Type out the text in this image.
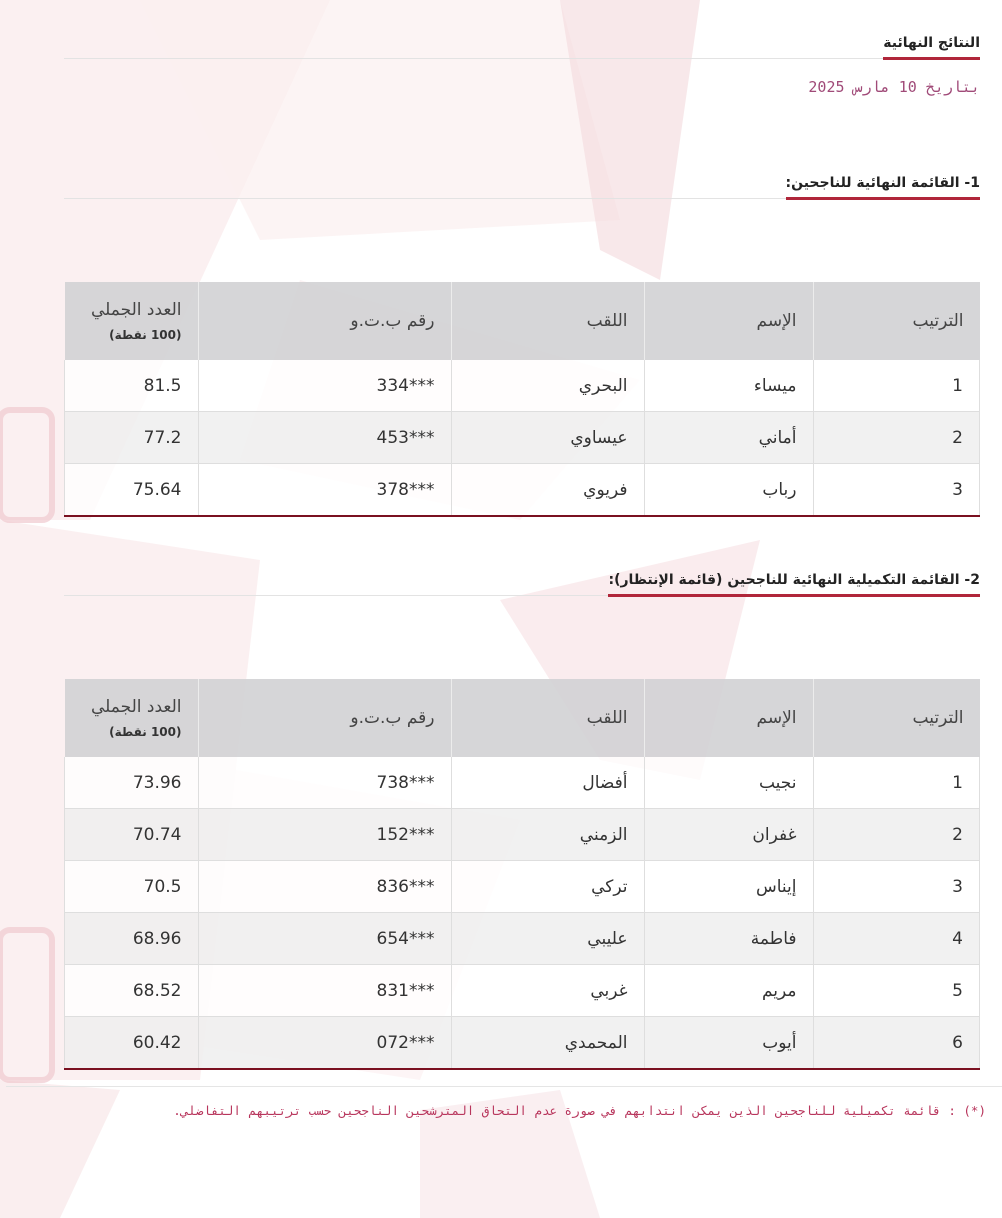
النتائج النهائية
بتاريخ 10 مارس 2025
1- القائمة النهائية للناجحين:
الترتيب	الإسم	اللقب	رقم ب.ت.و	العدد الجملي
(100 نقطة)

1	ميساء	البحري	334***	81.5
2	أماني	عيساوي	453***	77.2
3	رباب	فريوي	378***	75.64
2- القائمة التكميلية النهائية للناجحين (قائمة الإنتظار):
الترتيب	الإسم	اللقب	رقم ب.ت.و	العدد الجملي
(100 نقطة)

1	نجيب	أفضال	738***	73.96
2	غفران	الزمني	152***	70.74
3	إيناس	تركي	836***	70.5
4	فاطمة	عليبي	654***	68.96
5	مريم	غربي	831***	68.52
6	أيوب	المحمدي	072***	60.42
(*) : قائمة تكميلية للناجحين الذين يمكن انتدابهم في صورة عدم التحاق المترشحين الناجحين حسب ترتيبهم التفاضلي.
